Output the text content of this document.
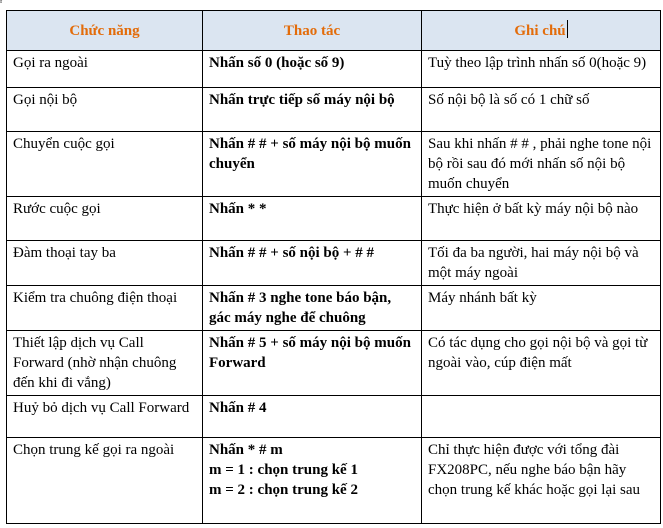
ᶠ
Chức năng	Thao tác	Ghi chú
Gọi ra ngoài	Nhấn số 0 (hoặc số 9)	Tuỳ theo lập trình nhấn số 0(hoặc 9)
Gọi nội bộ	Nhấn trực tiếp số máy nội bộ	Số nội bộ là số có 1 chữ số
Chuyển cuộc gọi	Nhấn # # + số máy nội bộ muốn chuyển	Sau khi nhấn # # , phải nghe tone nội bộ rồi sau đó mới nhấn số nội bộ muốn chuyển
Rước cuộc gọi	Nhấn * *	Thực hiện ở bất kỳ máy nội bộ nào
Đàm thoại tay ba	Nhấn # # + số nội bộ + # #	Tối đa ba người, hai máy nội bộ và một máy ngoài
Kiểm tra chuông điện thoại	Nhấn # 3 nghe tone báo bận, gác máy nghe để chuông	Máy nhánh bất kỳ
Thiết lập dịch vụ Call Forward (nhờ nhận chuông đến khi đi vắng)	Nhấn # 5 + số máy nội bộ muốn Forward	Có tác dụng cho gọi nội bộ và gọi từ ngoài vào, cúp điện mất
Huỷ bỏ dịch vụ Call Forward	Nhấn # 4	

Chọn trung kế gọi ra ngoài	Nhấn * # m
m = 1 : chọn trung kế 1
m = 2 : chọn trung kế 2	Chỉ thực hiện được với tổng đài FX208PC, nếu nghe báo bận hãy chọn trung kế khác hoặc gọi lại sau
